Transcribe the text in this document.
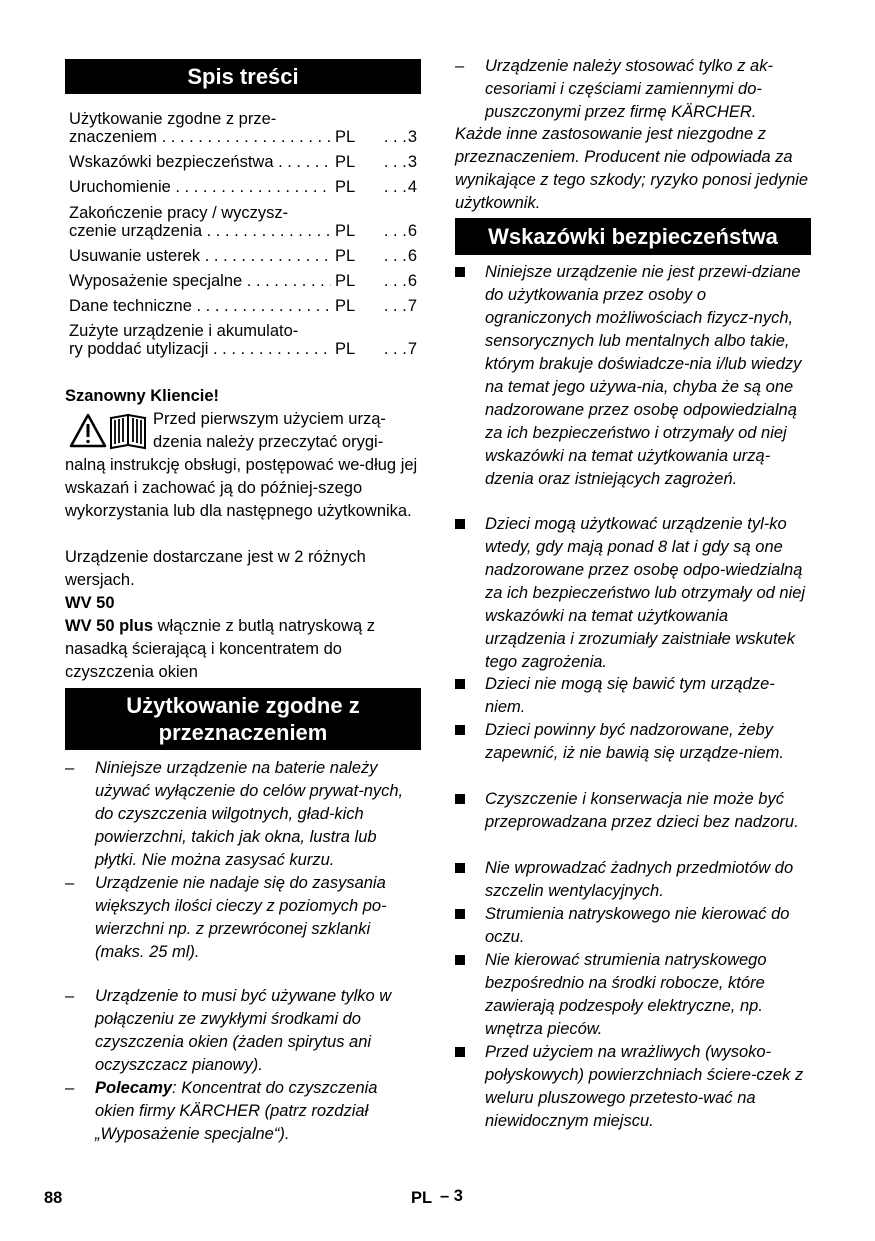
Spis treści
Użytkowanie zgodne z prze-
znaczeniem . . .	PL	. . . 3
Wskazówki bezpieczeństwa . . .	PL	. . . 3
Uruchomienie . . .	PL	. . . 4
Zakończenie pracy / wyczysz-
czenie urządzenia . . .	PL	. . . 6
Usuwanie usterek . . .	PL	. . . 6
Wyposażenie specjalne . . .	PL	. . . 6
Dane techniczne . . .	PL	. . . 7
Zużyte urządzenie i akumulato-
ry poddać utylizacji . . .	PL	. . . 7
Szanowny Kliencie!
Przed pierwszym użyciem urzą-
dzenia należy przeczytać orygi-
nalną instrukcję obsługi, postępować we-dług jej wskazań i zachować ją do później-szego wykorzystania lub dla następnego użytkownika.
Urządzenie dostarczane jest w 2 różnych wersjach.
WV 50
WV 50 plus włącznie z butlą natryskową z nasadką ścierającą i koncentratem do czyszczenia okien
Użytkowanie zgodne z
przeznaczeniem
–	Niniejsze urządzenie na baterie należy używać wyłączenie do celów prywat-nych, do czyszczenia wilgotnych, gład-kich powierzchni, takich jak okna, lustra lub płytki. Nie można zasysać kurzu.
–	Urządzenie nie nadaje się do zasysania większych ilości cieczy z poziomych po-wierzchni np. z przewróconej szklanki (maks. 25 ml).
–	Urządzenie to musi być używane tylko w połączeniu ze zwykłymi środkami do czyszczenia okien (żaden spirytus ani oczyszczacz pianowy).
–	Polecamy: Koncentrat do czyszczenia okien firmy KÄRCHER (patrz rozdział „Wyposażenie specjalne“).
–	Urządzenie należy stosować tylko z ak-cesoriami i częściami zamiennymi do-puszczonymi przez firmę KÄRCHER.
Każde inne zastosowanie jest niezgodne z przeznaczeniem. Producent nie odpowiada za wynikające z tego szkody; ryzyko ponosi jedynie użytkownik.
Wskazówki bezpieczeństwa
Niniejsze urządzenie nie jest przewi-dziane do użytkowania przez osoby o ograniczonych możliwościach fizycz-nych, sensorycznych lub mentalnych albo takie, którym brakuje doświadcze-nia i/lub wiedzy na temat jego używa-nia, chyba że są one nadzorowane przez osobę odpowiedzialną za ich bezpieczeństwo i otrzymały od niej wskazówki na temat użytkowania urzą-dzenia oraz istniejących zagrożeń.
Dzieci mogą użytkować urządzenie tyl-ko wtedy, gdy mają ponad 8 lat i gdy są one nadzorowane przez osobę odpo-wiedzialną za ich bezpieczeństwo lub otrzymały od niej wskazówki na temat użytkowania urządzenia i zrozumiały zaistniałe wskutek tego zagrożenia.
Dzieci nie mogą się bawić tym urządze-niem.
Dzieci powinny być nadzorowane, żeby zapewnić, iż nie bawią się urządze-niem.
Czyszczenie i konserwacja nie może być przeprowadzana przez dzieci bez nadzoru.
Nie wprowadzać żadnych przedmiotów do szczelin wentylacyjnych.
Strumienia natryskowego nie kierować do oczu.
Nie kierować strumienia natryskowego bezpośrednio na środki robocze, które zawierają podzespoły elektryczne, np. wnętrza pieców.
Przed użyciem na wrażliwych (wysoko-połyskowych) powierzchniach ściere-czek z weluru pluszowego przetesto-wać na niewidocznym miejscu.
88	PL – 3
